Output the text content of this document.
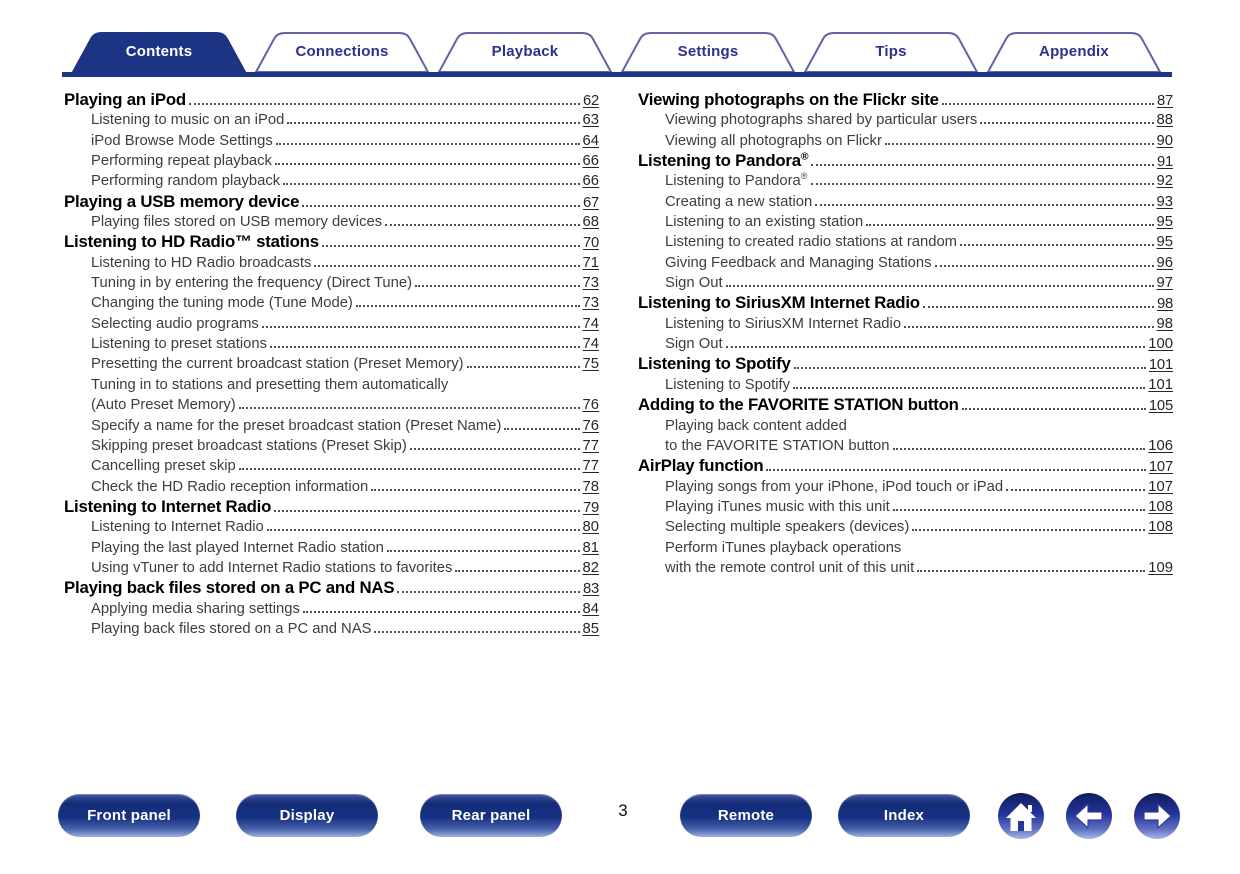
Contents	Connections	Playback	Settings	Tips	Appendix
Playing an iPod	62
Listening to music on an iPod	63
iPod Browse Mode Settings	64
Performing repeat playback	66
Performing random playback	66
Playing a USB memory device	67
Playing files stored on USB memory devices	68
Listening to HD Radio™ stations	70
Listening to HD Radio broadcasts	71
Tuning in by entering the frequency (Direct Tune)	73
Changing the tuning mode (Tune Mode)	73
Selecting audio programs	74
Listening to preset stations	74
Presetting the current broadcast station (Preset Memory)	75
Tuning in to stations and presetting them automatically
(Auto Preset Memory)	76
Specify a name for the preset broadcast station (Preset Name)	76
Skipping preset broadcast stations (Preset Skip)	77
Cancelling preset skip	77
Check the HD Radio reception information	78
Listening to Internet Radio	79
Listening to Internet Radio	80
Playing the last played Internet Radio station	81
Using vTuner to add Internet Radio stations to favorites	82
Playing back files stored on a PC and NAS	83
Applying media sharing settings	84
Playing back files stored on a PC and NAS	85
Viewing photographs on the Flickr site	87
Viewing photographs shared by particular users	88
Viewing all photographs on Flickr	90
Listening to Pandora®	91
Listening to Pandora®	92
Creating a new station	93
Listening to an existing station	95
Listening to created radio stations at random	95
Giving Feedback and Managing Stations	96
Sign Out	97
Listening to SiriusXM Internet Radio	98
Listening to SiriusXM Internet Radio	98
Sign Out	100
Listening to Spotify	101
Listening to Spotify	101
Adding to the FAVORITE STATION button	105
Playing back content added
to the FAVORITE STATION button	106
AirPlay function	107
Playing songs from your iPhone, iPod touch or iPad	107
Playing iTunes music with this unit	108
Selecting multiple speakers (devices)	108
Perform iTunes playback operations
with the remote control unit of this unit	109
3
Front panel	Display	Rear panel	Remote	Index
